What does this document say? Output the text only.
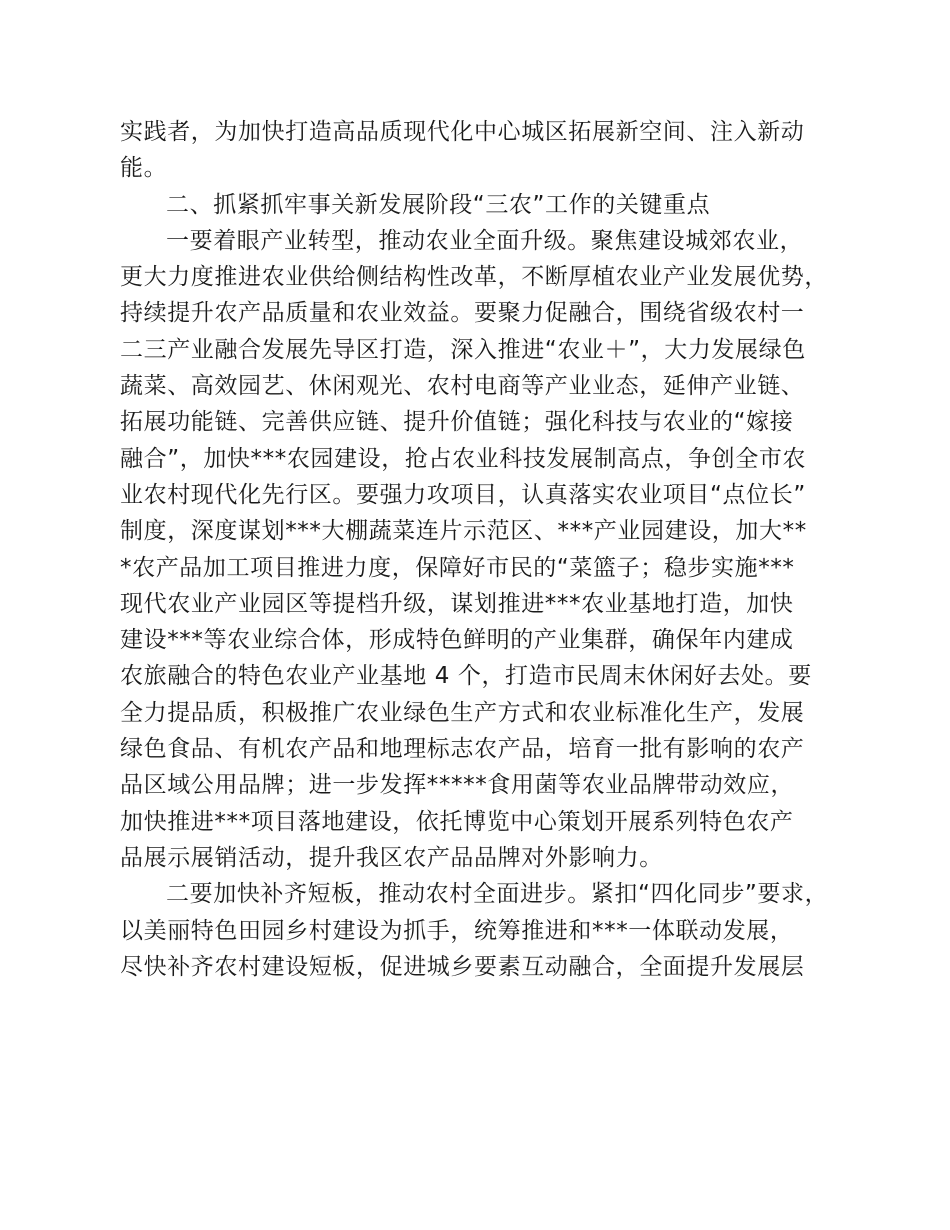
实践者，为加快打造高品质现代化中心城区拓展新空间、注入新动
能。
二、抓紧抓牢事关新发展阶段“三农”工作的关键重点
一要着眼产业转型，推动农业全面升级。聚焦建设城郊农业，
更大力度推进农业供给侧结构性改革，不断厚植农业产业发展优势，
持续提升农产品质量和农业效益。要聚力促融合，围绕省级农村一
二三产业融合发展先导区打造，深入推进“农业＋”，大力发展绿色
蔬菜、高效园艺、休闲观光、农村电商等产业业态，延伸产业链、
拓展功能链、完善供应链、提升价值链；强化科技与农业的“嫁接
融合”，加快***农园建设，抢占农业科技发展制高点，争创全市农
业农村现代化先行区。要强力攻项目，认真落实农业项目“点位长”
制度，深度谋划***大棚蔬菜连片示范区、***产业园建设，加大**
*农产品加工项目推进力度，保障好市民的“菜篮子；稳步实施***
现代农业产业园区等提档升级，谋划推进***农业基地打造，加快
建设***等农业综合体，形成特色鲜明的产业集群，确保年内建成
农旅融合的特色农业产业基地 4 个，打造市民周末休闲好去处。要
全力提品质，积极推广农业绿色生产方式和农业标准化生产，发展
绿色食品、有机农产品和地理标志农产品，培育一批有影响的农产
品区域公用品牌；进一步发挥*****食用菌等农业品牌带动效应，
加快推进***项目落地建设，依托博览中心策划开展系列特色农产
品展示展销活动，提升我区农产品品牌对外影响力。
二要加快补齐短板，推动农村全面进步。紧扣“四化同步”要求，
以美丽特色田园乡村建设为抓手，统筹推进和***一体联动发展，
尽快补齐农村建设短板，促进城乡要素互动融合，全面提升发展层
